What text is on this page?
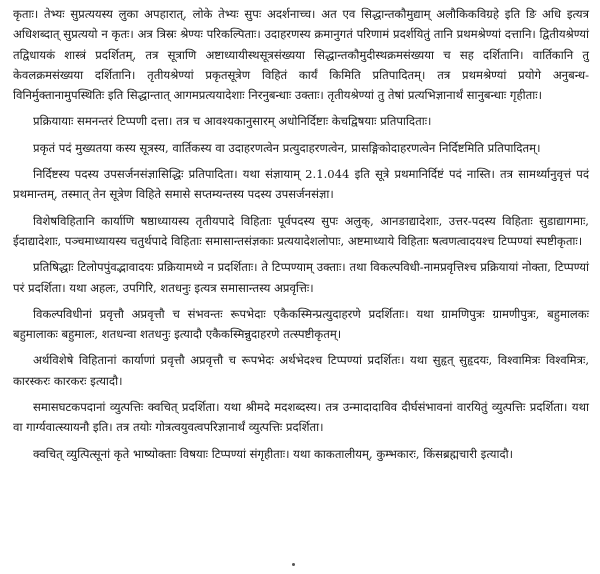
कृताः। तेभ्यः सुप्रत्ययस्य लुका अपहारात्, लोके तेभ्यः सुपः अदर्शनाच्च। अत एव सिद्धान्तकौमुद्याम् अलौकिकविग्रहे इति ङि अधि इत्यत्र अधिशब्दात् सुप्रत्ययो न कृतः। अत्र त्रिस्रः श्रेण्यः परिकल्पिताः। उदाहरणस्य क्रमानुगतं परिणामं प्रदर्शयितुं तानि प्रथमश्रेण्यां दत्तानि। द्वितीयश्रेण्यां तद्विधायकं शास्त्रं प्रदर्शितम्, तत्र सूत्राणि अष्टाध्यायीस्थसूत्रसंख्यया सिद्धान्तकौमुदीस्थक्रमसंख्यया च सह दर्शितानि। वार्तिकानि तु केवलक्रमसंख्यया दर्शितानि। तृतीयश्रेण्यां प्रकृतसूत्रेण विहितं कार्यं किमिति प्रतिपादितम्। तत्र प्रथमश्रेण्यां प्रयोगे अनुबन्ध-विनिर्मुक्तानामुपस्थितिः इति सिद्धान्तात् आगमप्रत्ययादेशाः निरनुबन्धाः उक्ताः। तृतीयश्रेण्यां तु तेषां प्रत्यभिज्ञानार्थं सानुबन्धाः गृहीताः।

प्रक्रियायाः समनन्तरं टिप्पणी दत्ता। तत्र च आवश्यकानुसारम् अधोनिर्दिष्टाः केचद्विषयाः प्रतिपादिताः।

प्रकृतं पदं मुख्यतया कस्य सूत्रस्य, वार्तिकस्य वा उदाहरणत्वेन प्रत्युदाहरणत्वेन, प्रासङ्गिकोदाहरणत्वेन निर्दिष्टमिति प्रतिपादितम्।

निर्दिष्टस्य पदस्य उपसर्जनसंज्ञासिद्धिः प्रतिपादिता। यथा संज्ञायाम् 2.1.044 इति सूत्रे प्रथमानिर्दिष्टं पदं नास्ति। तत्र सामर्थ्यानुवृत्तं पदं प्रथमान्तम्, तस्मात् तेन सूत्रेण विहिते समासे सप्तम्यन्तस्य पदस्य उपसर्जनसंज्ञा।

विशेषविहितानि कार्याणि षष्ठाध्यायस्य तृतीयपादे विहिताः पूर्वपदस्य सुपः अलुक्, आनङाद्यादेशाः, उत्तर-पदस्य विहिताः सुडाद्यागमाः, ईदाद्यादेशाः, पञ्चमाध्यायस्य चतुर्थपादे विहिताः समासान्तसंज्ञकाः प्रत्ययादेशलोपाः, अष्टमाध्याये विहिताः षत्वणत्वादयश्च टिप्पण्यां स्पष्टीकृताः।

प्रतिषिद्धाः टिलोपपुंवद्भावादयः प्रक्रियामध्ये न प्रदर्शिताः। ते टिप्पण्याम् उक्ताः। तथा विकल्पविधी-नामप्रवृत्तिश्च प्रक्रियायां नोक्ता, टिप्पण्यां परं प्रदर्शिता। यथा अहलः, उपगिरि, शतधनुः इत्यत्र समासान्तस्य अप्रवृत्तिः।

विकल्पविधीनां प्रवृत्तौ अप्रवृत्तौ च संभवन्तः रूपभेदाः एकैकस्मिन्प्रत्युदाहरणे प्रदर्शिताः। यथा ग्रामणिपुत्रः ग्रामणीपुत्रः, बहुमालकः बहुमालाकः बहुमालः, शतधन्वा शतधनुः इत्यादौ एकैकस्मिन्नुदाहरणे तत्स्पष्टीकृतम्।

अर्थविशेषे विहितानां कार्याणां प्रवृत्तौ अप्रवृत्तौ च रूपभेदः अर्थभेदश्च टिप्पण्यां प्रदर्शितः। यथा सुहृत् सुहृदयः, विश्वामित्रः विश्वमित्रः, कारस्करः कारकरः इत्यादौ।

समासघटकपदानां व्युत्पत्तिः क्वचित् प्रदर्शिता। यथा श्रीमदे मदशब्दस्य। तत्र उन्मादादाविव दीर्घसंभावनां वारयितुं व्युत्पत्तिः प्रदर्शिता। यथा वा गार्ग्यवात्स्यायनौ इति। तत्र तयोः गोत्रत्वयुवत्वपरिज्ञानार्थं व्युत्पत्तिः प्रदर्शिता।

क्वचित् व्युत्पित्सूनां कृते भाष्योक्ताः विषयाः टिप्पण्यां संगृहीताः। यथा काकतालीयम्, कुम्भकारः, किंसब्रह्मचारी इत्यादौ।
